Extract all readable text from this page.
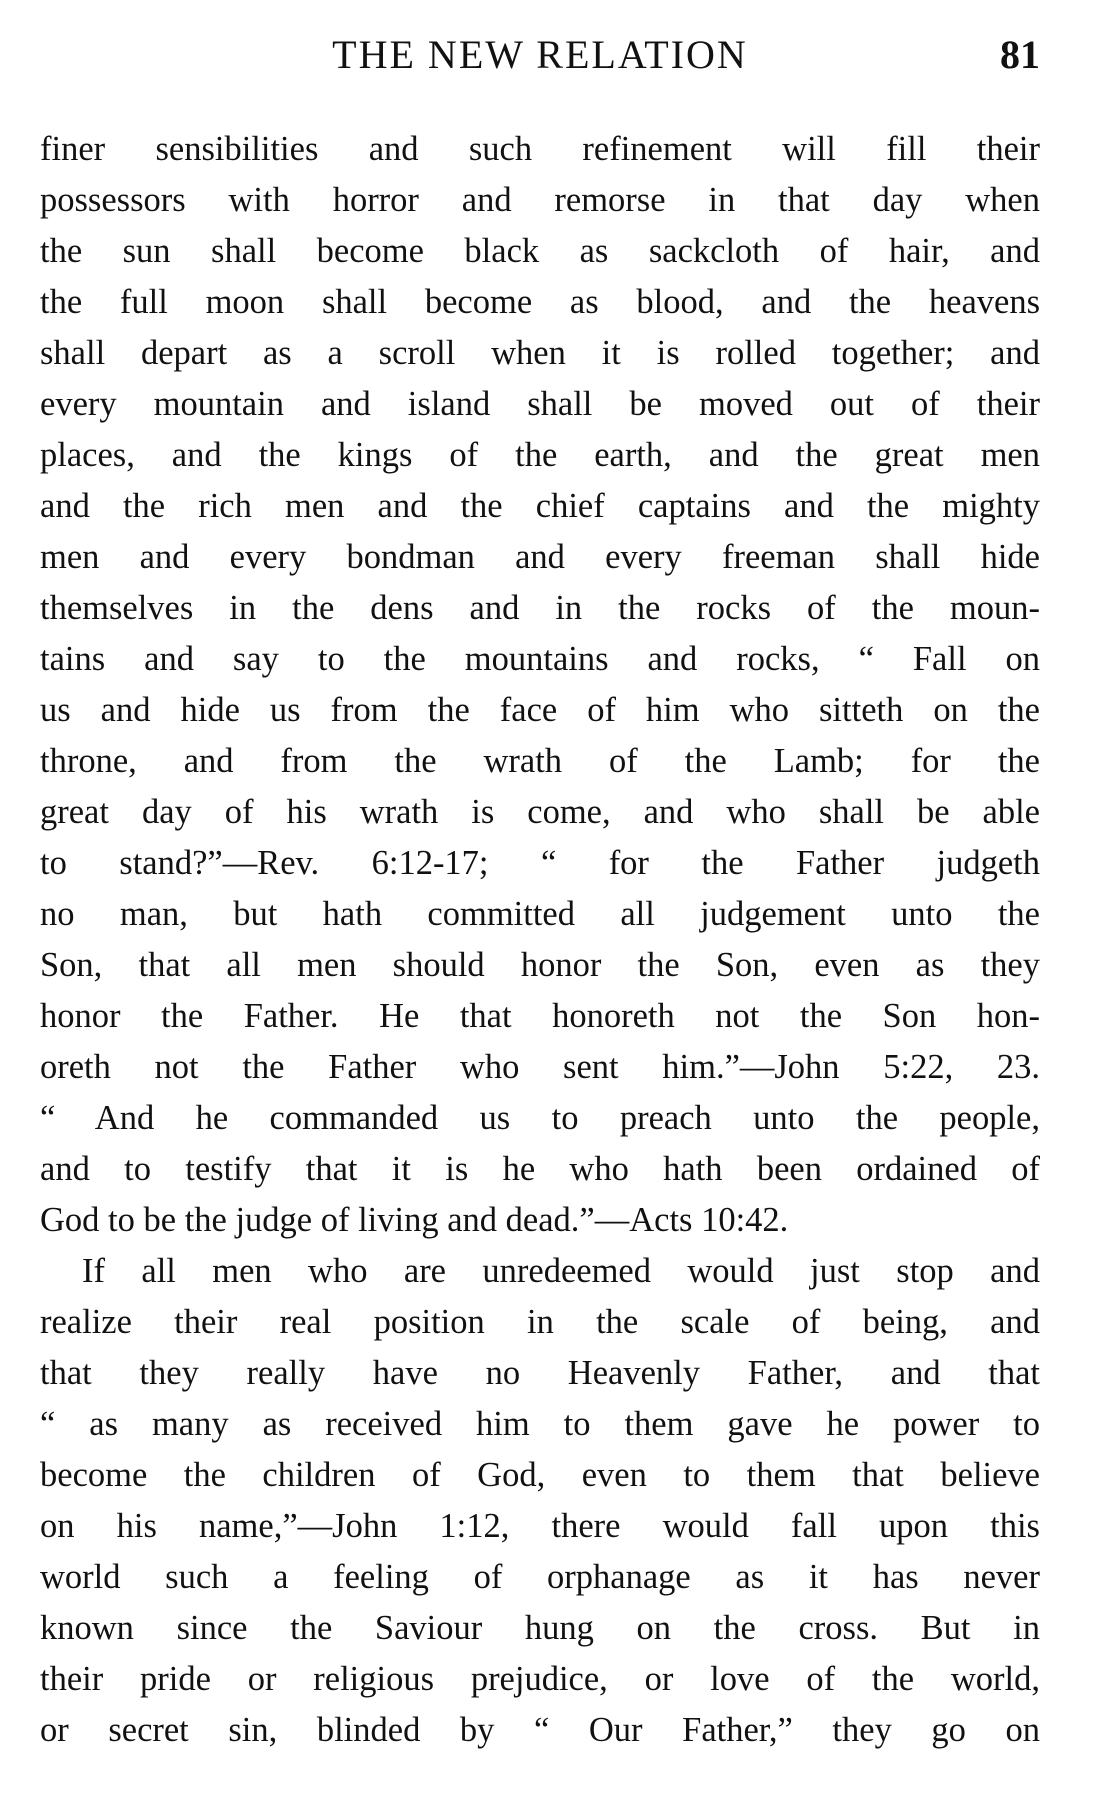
THE NEW RELATION	81
finer sensibilities and such refinement will fill their
possessors with horror and remorse in that day when
the sun shall become black as sackcloth of hair, and
the full moon shall become as blood, and the heavens
shall depart as a scroll when it is rolled together; and
every mountain and island shall be moved out of their
places, and the kings of the earth, and the great men
and the rich men and the chief captains and the mighty
men and every bondman and every freeman shall hide
themselves in the dens and in the rocks of the moun-
tains and say to the mountains and rocks, “ Fall on
us and hide us from the face of him who sitteth on the
throne, and from the wrath of the Lamb; for the
great day of his wrath is come, and who shall be able
to stand?”—Rev. 6:12-17; “ for the Father judgeth
no man, but hath committed all judgement unto the
Son, that all men should honor the Son, even as they
honor the Father. He that honoreth not the Son hon-
oreth not the Father who sent him.”—John 5:22, 23.
“ And he commanded us to preach unto the people,
and to testify that it is he who hath been ordained of
God to be the judge of living and dead.”—Acts 10:42.
If all men who are unredeemed would just stop and
realize their real position in the scale of being, and
that they really have no Heavenly Father, and that
“ as many as received him to them gave he power to
become the children of God, even to them that believe
on his name,”—John 1:12, there would fall upon this
world such a feeling of orphanage as it has never
known since the Saviour hung on the cross. But in
their pride or religious prejudice, or love of the world,
or secret sin, blinded by “ Our Father,” they go on
